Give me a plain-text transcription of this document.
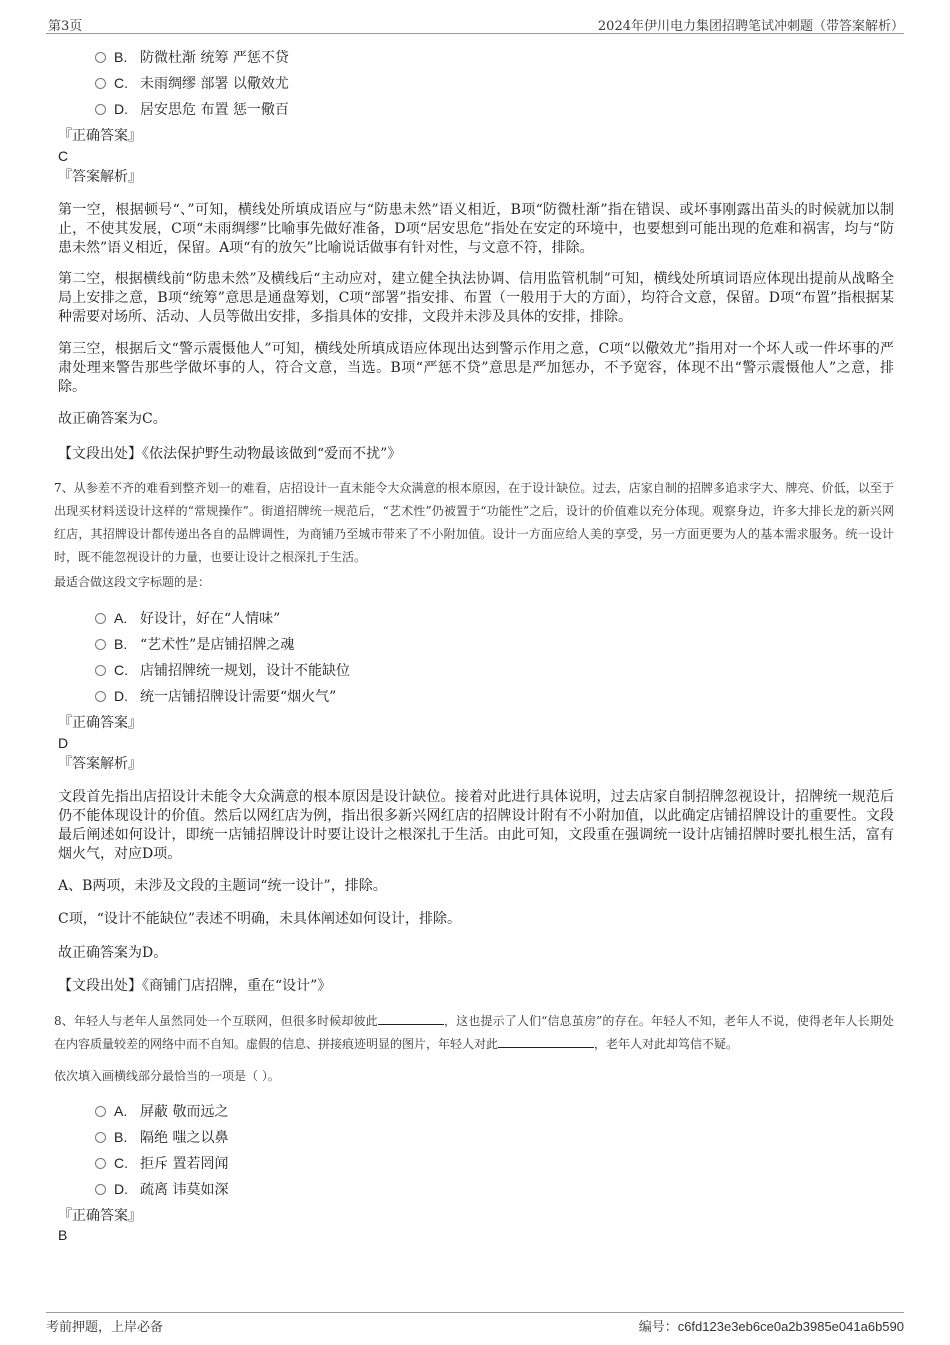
第3页	2024年伊川电力集团招聘笔试冲刺题（带答案解析）
B. 防微杜渐 统筹 严惩不贷
C. 未雨绸缪 部署 以儆效尤
D. 居安思危 布置 惩一儆百
『正确答案』
C
『答案解析』
第一空，根据顿号“、”可知，横线处所填成语应与“防患未然”语义相近，B项“防微杜渐”指在错误、或坏事刚露出苗头的时候就加以制止，不使其发展，C项“未雨绸缪”比喻事先做好准备，D项“居安思危”指处在安定的环境中，也要想到可能出现的危难和祸害，均与“防患未然”语义相近，保留。A项“有的放矢”比喻说话做事有针对性，与文意不符，排除。
第二空，根据横线前“防患未然”及横线后“主动应对，建立健全执法协调、信用监管机制”可知，横线处所填词语应体现出提前从战略全局上安排之意，B项“统筹”意思是通盘筹划，C项“部署”指安排、布置（一般用于大的方面），均符合文意，保留。D项“布置”指根据某种需要对场所、活动、人员等做出安排，多指具体的安排，文段并未涉及具体的安排，排除。
第三空，根据后文“警示震慑他人”可知，横线处所填成语应体现出达到警示作用之意，C项“以儆效尤”指用对一个坏人或一件坏事的严肃处理来警告那些学做坏事的人，符合文意，当选。B项“严惩不贷”意思是严加惩办，不予宽容，体现不出“警示震慑他人”之意，排除。
故正确答案为C。
【文段出处】《依法保护野生动物最该做到“爱而不扰”》
7、从参差不齐的难看到整齐划一的难看，店招设计一直未能令大众满意的根本原因，在于设计缺位。过去，店家自制的招牌多追求字大、牌亮、价低，以至于出现买材料送设计这样的“常规操作”。街道招牌统一规范后，“艺术性”仍被置于“功能性”之后，设计的价值难以充分体现。观察身边，许多大排长龙的新兴网红店，其招牌设计都传递出各自的品牌调性，为商铺乃至城市带来了不小附加值。设计一方面应给人美的享受，另一方面更要为人的基本需求服务。统一设计时，既不能忽视设计的力量，也要让设计之根深扎于生活。
最适合做这段文字标题的是：
A. 好设计，好在“人情味”
B. “艺术性”是店铺招牌之魂
C. 店铺招牌统一规划，设计不能缺位
D. 统一店铺招牌设计需要“烟火气”
『正确答案』
D
『答案解析』
文段首先指出店招设计未能令大众满意的根本原因是设计缺位。接着对此进行具体说明，过去店家自制招牌忽视设计，招牌统一规范后仍不能体现设计的价值。然后以网红店为例，指出很多新兴网红店的招牌设计附有不小附加值，以此确定店铺招牌设计的重要性。文段最后阐述如何设计，即统一店铺招牌设计时要让设计之根深扎于生活。由此可知，文段重在强调统一设计店铺招牌时要扎根生活，富有烟火气，对应D项。
A、B两项，未涉及文段的主题词“统一设计”，排除。
C项，“设计不能缺位”表述不明确，未具体阐述如何设计，排除。
故正确答案为D。
【文段出处】《商铺门店招牌，重在“设计”》
8、年轻人与老年人虽然同处一个互联网，但很多时候却彼此	，这也提示了人们“信息茧房”的存在。年轻人不知，老年人不说，使得老年人长期处在内容质量较差的网络中而不自知。虚假的信息、拼接痕迹明显的图片，年轻人对此	，老年人对此却笃信不疑。
依次填入画横线部分最恰当的一项是（ ）。
A. 屏蔽 敬而远之
B. 隔绝 嗤之以鼻
C. 拒斥 置若罔闻
D. 疏离 讳莫如深
『正确答案』
B
考前押题，上岸必备	编号：c6fd123e3eb6ce0a2b3985e041a6b590
